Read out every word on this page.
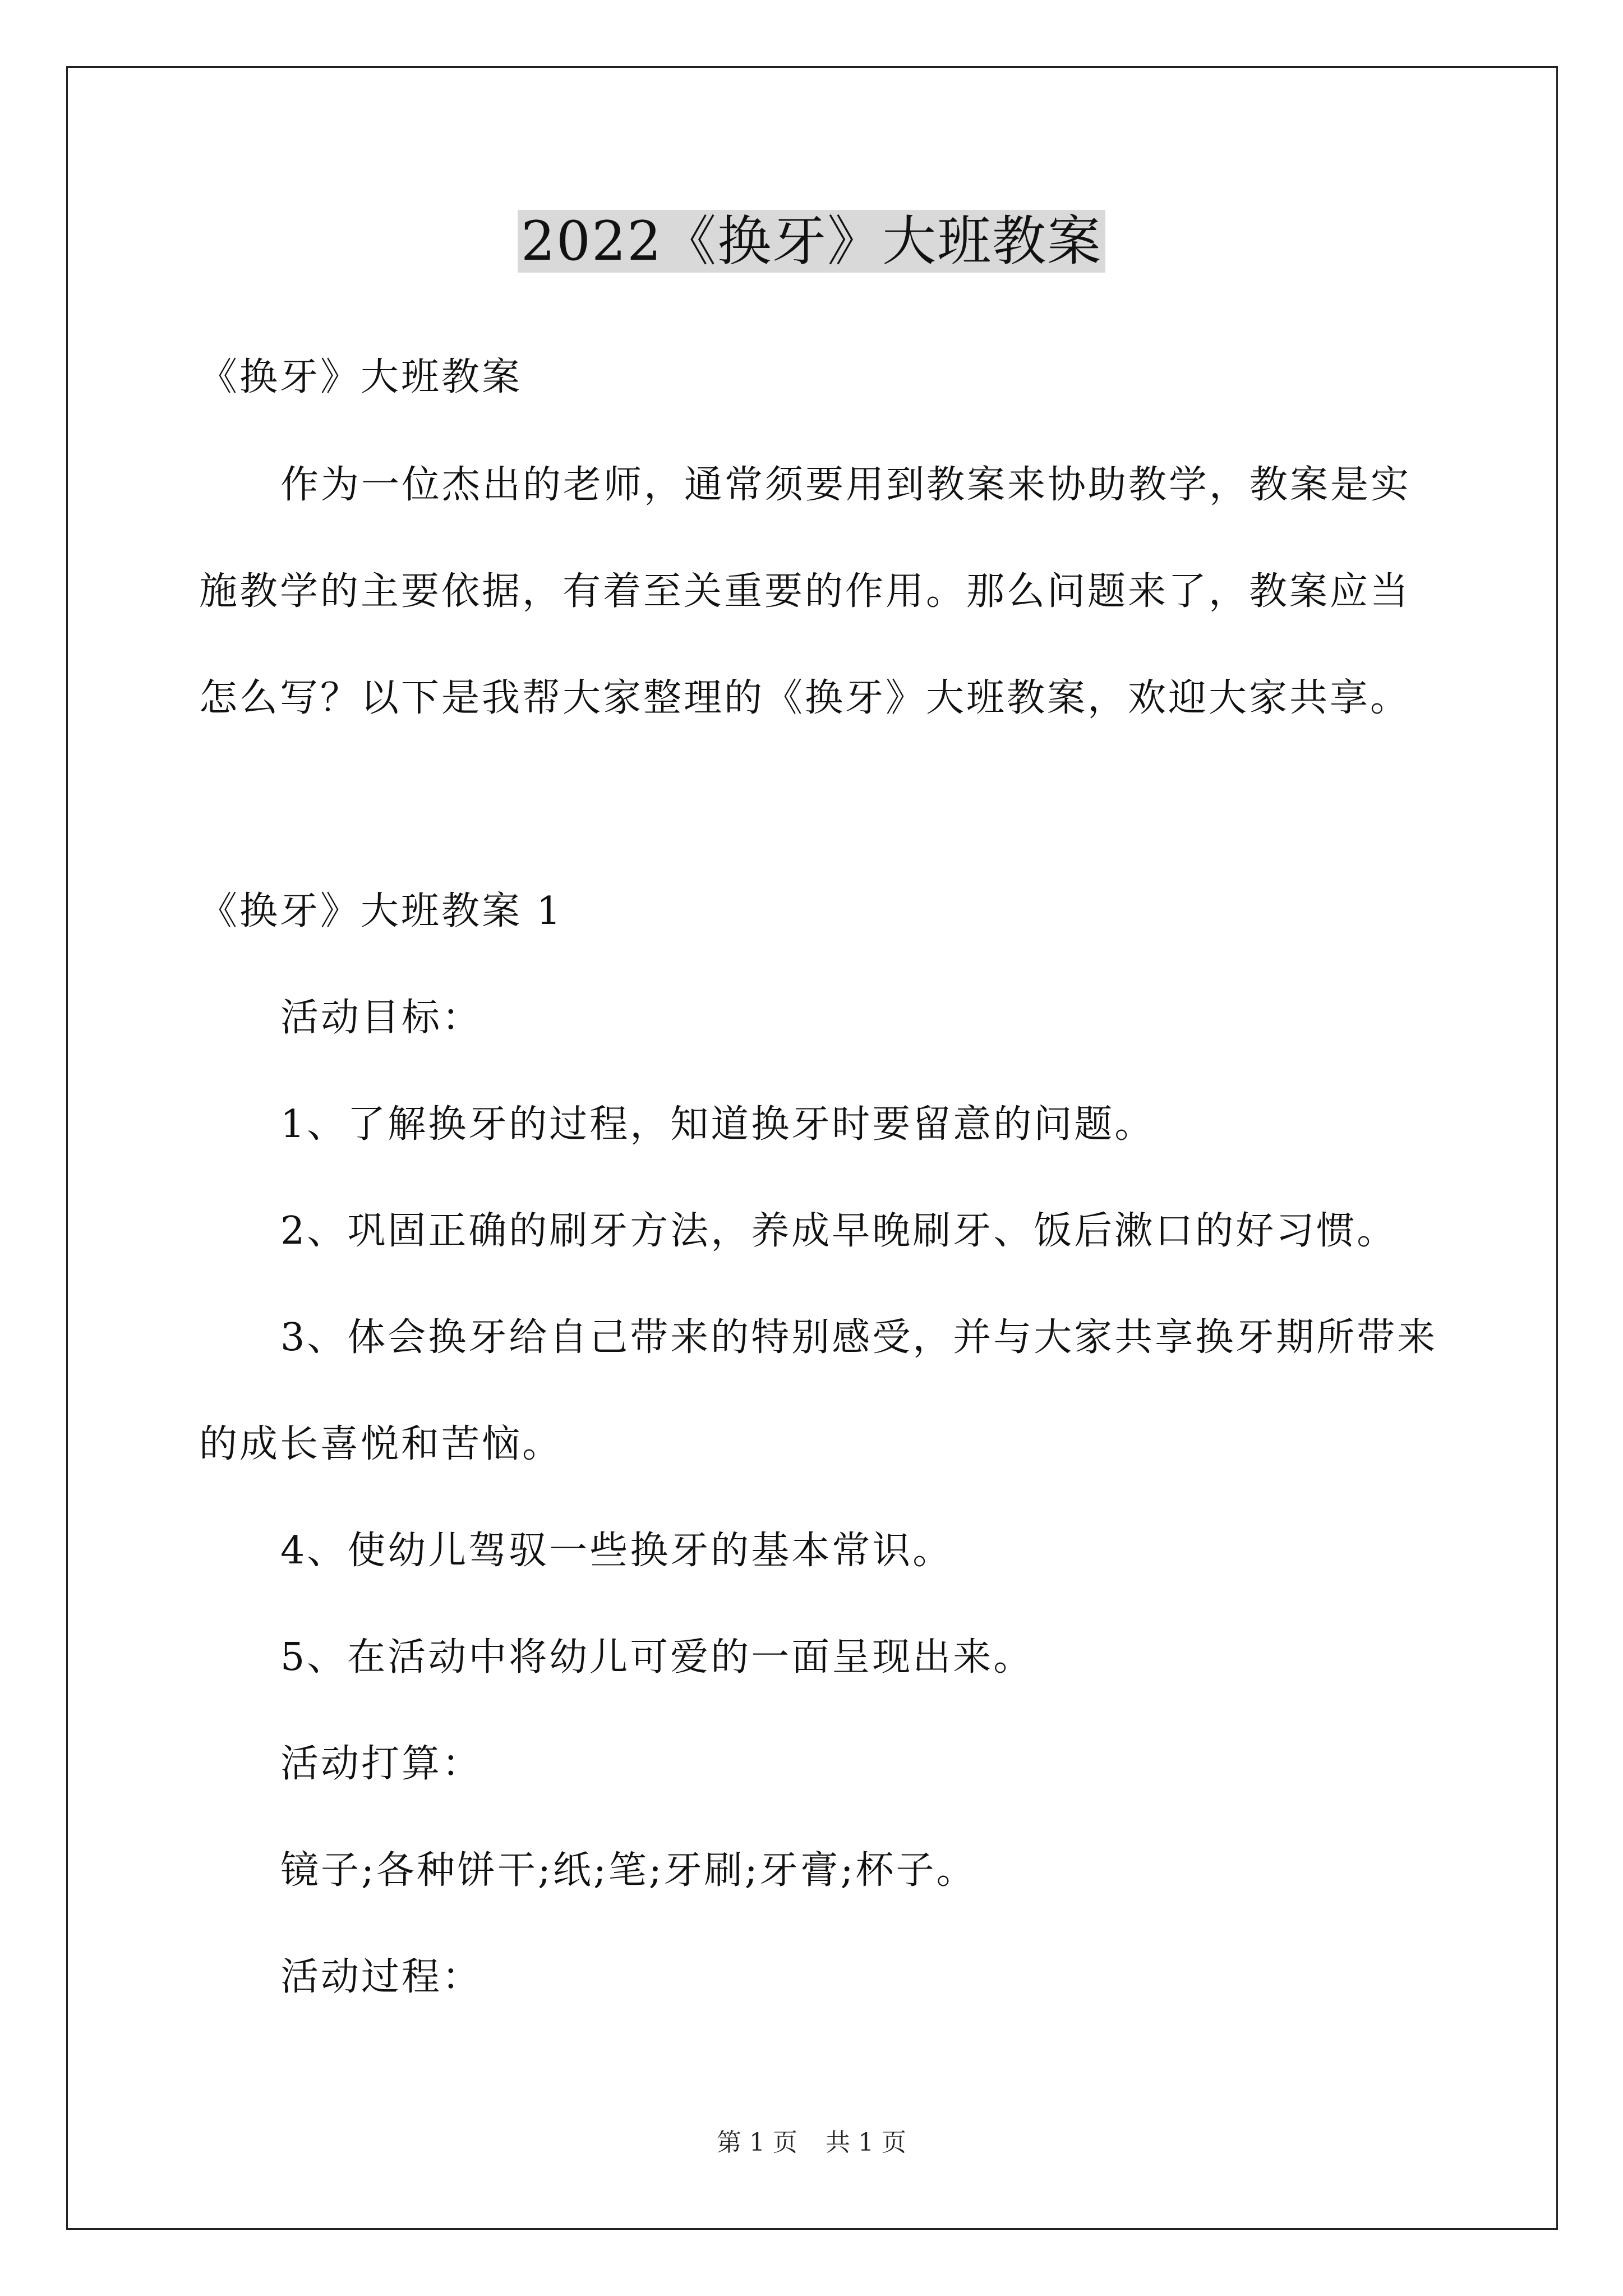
2022《换牙》大班教案
《换牙》大班教案
作为一位杰出的老师，通常须要用到教案来协助教学，教案是实
施教学的主要依据，有着至关重要的作用。那么问题来了，教案应当
怎么写？以下是我帮大家整理的《换牙》大班教案，欢迎大家共享。
《换牙》大班教案 1
活动目标：
1、了解换牙的过程，知道换牙时要留意的问题。
2、巩固正确的刷牙方法，养成早晚刷牙、饭后漱口的好习惯。
3、体会换牙给自己带来的特别感受，并与大家共享换牙期所带来
的成长喜悦和苦恼。
4、使幼儿驾驭一些换牙的基本常识。
5、在活动中将幼儿可爱的一面呈现出来。
活动打算：
镜子;各种饼干;纸;笔;牙刷;牙膏;杯子。
活动过程：
第 1 页 共 1 页
